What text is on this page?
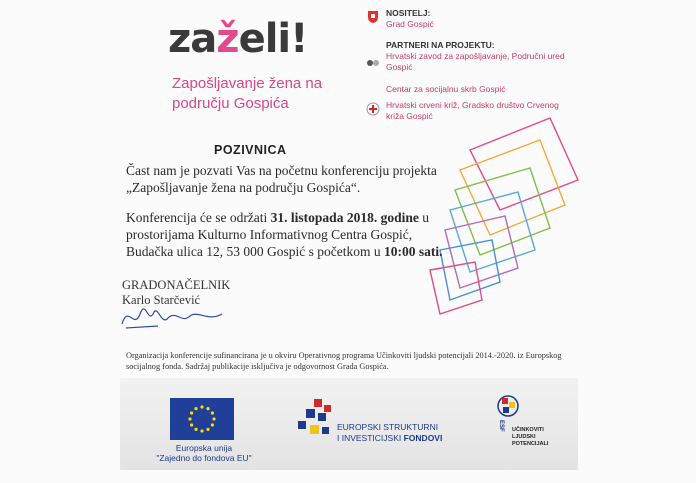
zaželi!
Zapošljavanje žena na području Gospića
NOSITELJ:
Grad Gospić
PARTNERI NA PROJEKTU:
Hrvatski zavod za zapošljavanje, Područni ured Gospić
Centar za socijalnu skrb Gospić
Hrvatski crveni križ, Gradsko društvo Crvenog križa Gospić
POZIVNICA
Čast nam je pozvati Vas na početnu konferenciju projekta „Zapošljavanje žena na području Gospića“.
Konferencija će se održati 31. listopada 2018. godine u prostorijama Kulturno Informativnog Centra Gospić, Budačka ulica 12, 53 000 Gospić s početkom u 10:00 sati.
GRADONAČELNIK
Karlo Starčević
Organizacija konferencije sufinancirana je u okviru Operativnog programa Učinkoviti ljudski potencijali 2014.-2020. iz Europskog socijalnog fonda. Sadržaj publikacije isključiva je odgovornost Grada Gospića.
Europska unija
"Zajedno do fondova EU"
EUROPSKI STRUKTURNI
I INVESTICIJSKI FONDOVI
ESF	UČINKOVITI
LJUDSKI
POTENCIJALI
